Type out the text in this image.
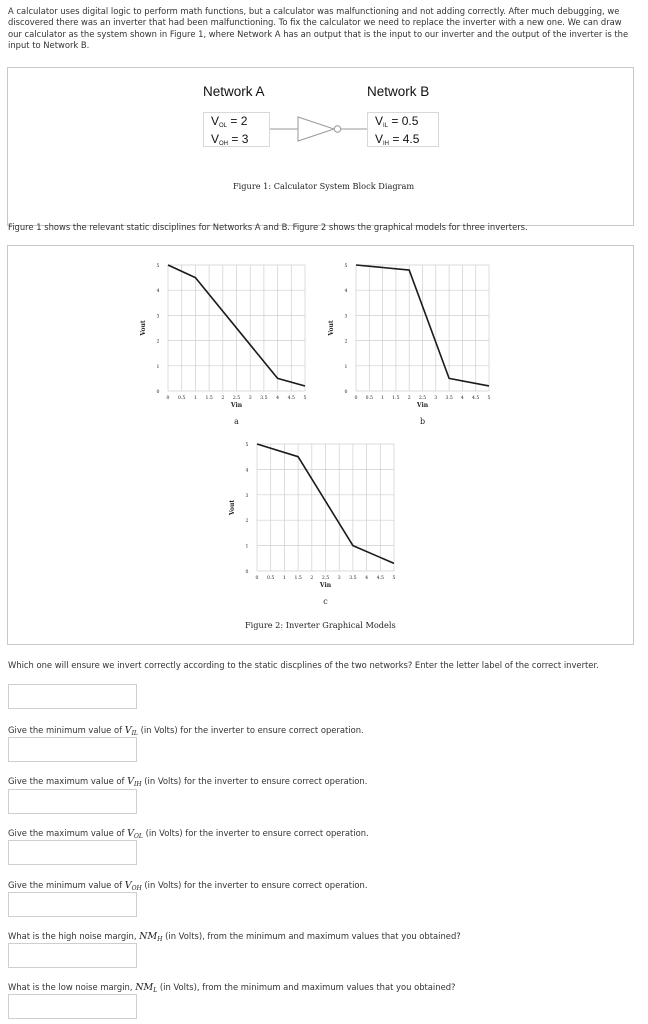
A calculator uses digital logic to perform math functions, but a calculator was malfunctioning and not adding correctly. After much debugging, we discovered there was an inverter that had been malfunctioning. To fix the calculator we need to replace the inverter with a new one. We can draw our calculator as the system shown in Figure 1, where Network A has an output that is the input to our inverter and the output of the inverter is the input to Network B.
Network A
$V_{OL} = 2$
$V_{OH} = 3$
Network B
$V_{IL} = 0.5$
$V_{IH} = 4.5$
Figure 1: Calculator System Block Diagram
Figure 1 shows the relevant static disciplines for Networks A and B. Figure 2 shows the graphical models for three inverters.
0 0.5 1 1.5 2 2.5 3 3.5 4 4.5 5
0
1
2
3
4
5
Vin
Vout
a
0 0.5 1 1.5 2 2.5 3 3.5 4 4.5 5
0
1
2
3
4
5
Vin
Vout
b
0 0.5 1 1.5 2 2.5 3 3.5 4 4.5 5
0
1
2
3
4
5
Vin
Vout
c
Figure 2: Inverter Graphical Models
Which one will ensure we invert correctly according to the static discplines of the two networks? Enter the letter label of the correct inverter.
Give the minimum value of $V_{IL}$ (in Volts) for the inverter to ensure correct operation.
Give the maximum value of $V_{IH}$ (in Volts) for the inverter to ensure correct operation.
Give the maximum value of $V_{OL}$ (in Volts) for the inverter to ensure correct operation.
Give the minimum value of $V_{OH}$ (in Volts) for the inverter to ensure correct operation.
What is the high noise margin, $NM_H$ (in Volts), from the minimum and maximum values that you obtained?
What is the low noise margin, $NM_L$ (in Volts), from the minimum and maximum values that you obtained?
